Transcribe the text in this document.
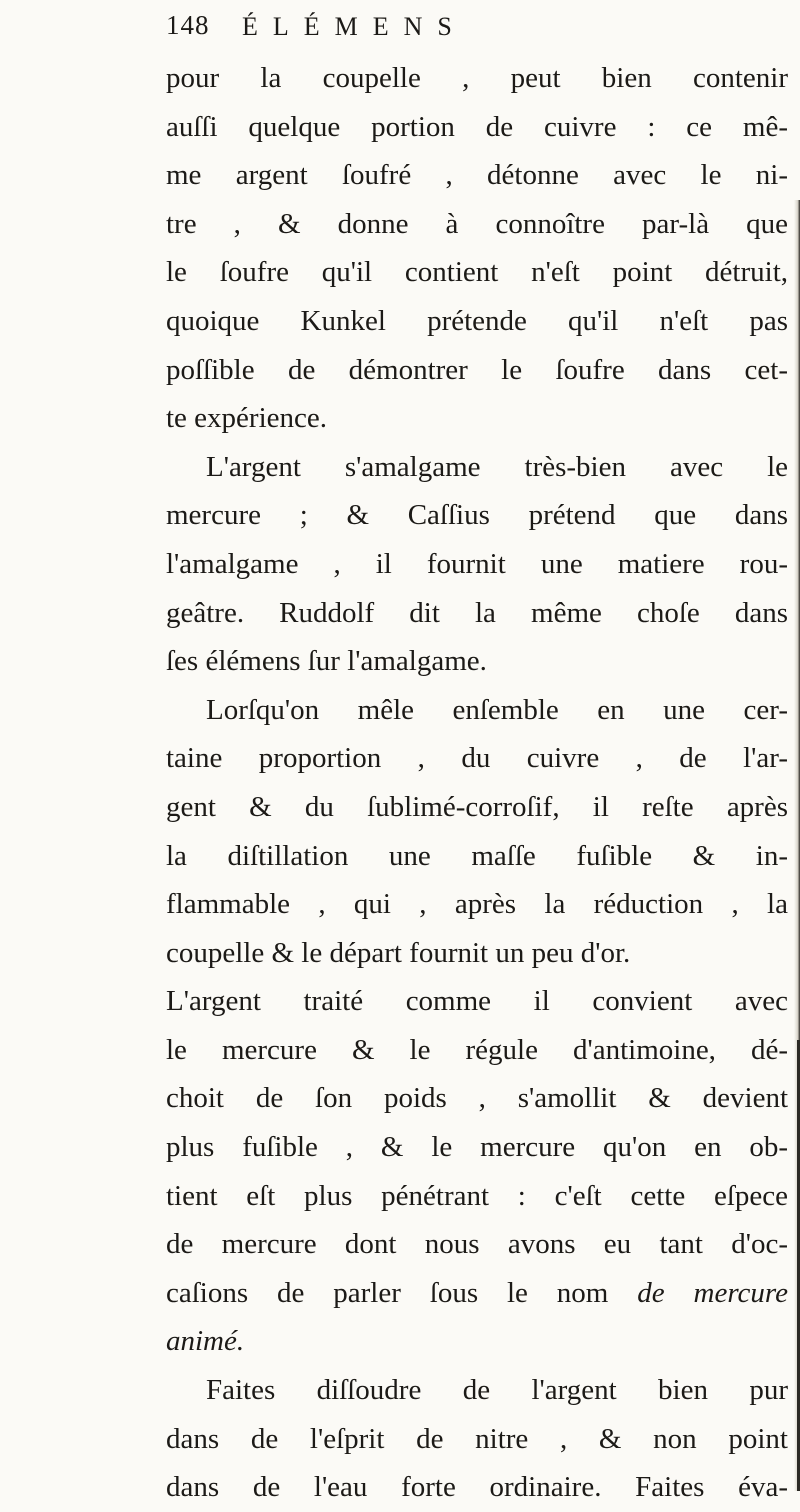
148 ÉLÉMENS
pour la coupelle , peut bien contenir
auſſi quelque portion de cuivre : ce mê-
me argent ſoufré , détonne avec le ni-
tre , & donne à connoître par-là que
le ſoufre qu'il contient n'eſt point détruit,
quoique Kunkel prétende qu'il n'eſt pas
poſſible de démontrer le ſoufre dans cet-
te expérience.
L'argent s'amalgame très-bien avec le
mercure ; & Caſſius prétend que dans
l'amalgame , il fournit une matiere rou-
geâtre. Ruddolf dit la même choſe dans
ſes élémens ſur l'amalgame.
Lorſqu'on mêle enſemble en une cer-
taine proportion , du cuivre , de l'ar-
gent & du ſublimé-corroſif, il reſte après
la diſtillation une maſſe fuſible & in-
flammable , qui , après la réduction , la
coupelle & le départ fournit un peu d'or.
L'argent traité comme il convient avec
le mercure & le régule d'antimoine, dé-
choit de ſon poids , s'amollit & devient
plus fuſible , & le mercure qu'on en ob-
tient eſt plus pénétrant : c'eſt cette eſpece
de mercure dont nous avons eu tant d'oc-
caſions de parler ſous le nom de mercure
animé.
Faites diſſoudre de l'argent bien pur
dans de l'eſprit de nitre , & non point
dans de l'eau forte ordinaire. Faites éva-
